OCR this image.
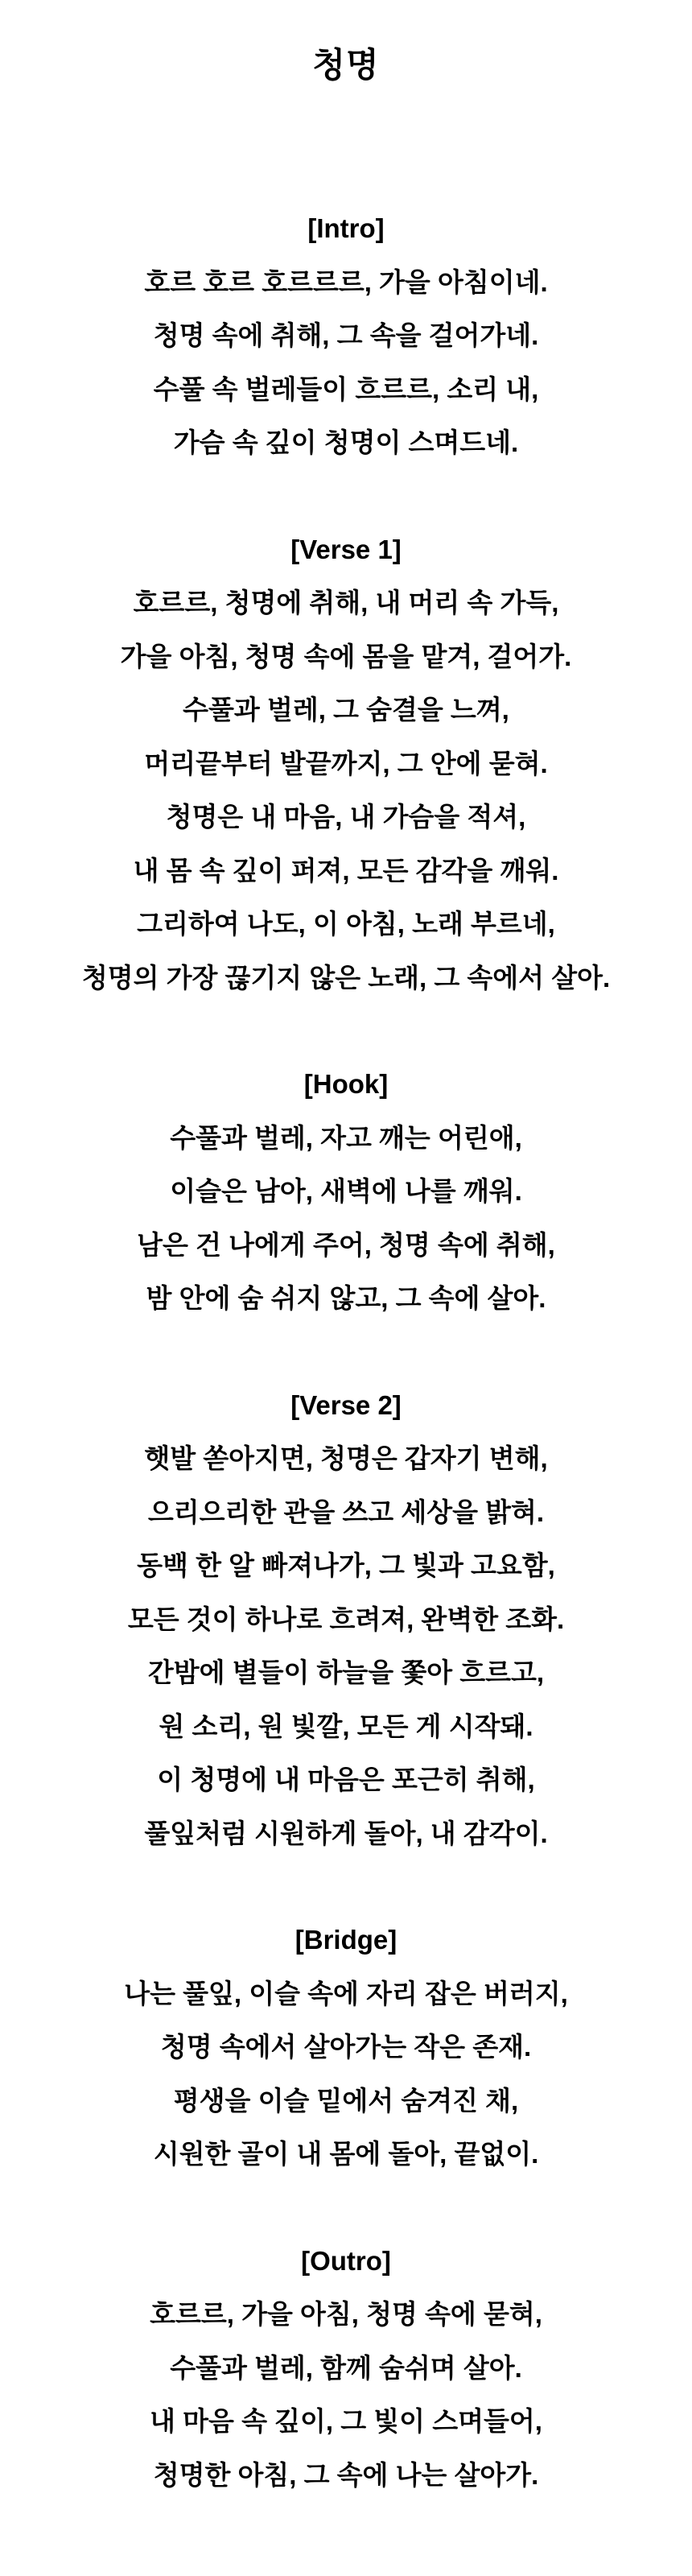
청명
[Intro]
호르 호르 호르르르, 가을 아침이네.
청명 속에 취해, 그 속을 걸어가네.
수풀 속 벌레들이 흐르르, 소리 내,
가슴 속 깊이 청명이 스며드네.
[Verse 1]
호르르, 청명에 취해, 내 머리 속 가득,
가을 아침, 청명 속에 몸을 맡겨, 걸어가.
수풀과 벌레, 그 숨결을 느껴,
머리끝부터 발끝까지, 그 안에 묻혀.
청명은 내 마음, 내 가슴을 적셔,
내 몸 속 깊이 퍼져, 모든 감각을 깨워.
그리하여 나도, 이 아침, 노래 부르네,
청명의 가장 끊기지 않은 노래, 그 속에서 살아.
[Hook]
수풀과 벌레, 자고 깨는 어린애,
이슬은 남아, 새벽에 나를 깨워.
남은 건 나에게 주어, 청명 속에 취해,
밤 안에 숨 쉬지 않고, 그 속에 살아.
[Verse 2]
햇발 쏟아지면, 청명은 갑자기 변해,
으리으리한 관을 쓰고 세상을 밝혀.
동백 한 알 빠져나가, 그 빛과 고요함,
모든 것이 하나로 흐려져, 완벽한 조화.
간밤에 별들이 하늘을 쫓아 흐르고,
원 소리, 원 빛깔, 모든 게 시작돼.
이 청명에 내 마음은 포근히 취해,
풀잎처럼 시원하게 돌아, 내 감각이.
[Bridge]
나는 풀잎, 이슬 속에 자리 잡은 버러지,
청명 속에서 살아가는 작은 존재.
평생을 이슬 밑에서 숨겨진 채,
시원한 골이 내 몸에 돌아, 끝없이.
[Outro]
호르르, 가을 아침, 청명 속에 묻혀,
수풀과 벌레, 함께 숨쉬며 살아.
내 마음 속 깊이, 그 빛이 스며들어,
청명한 아침, 그 속에 나는 살아가.
